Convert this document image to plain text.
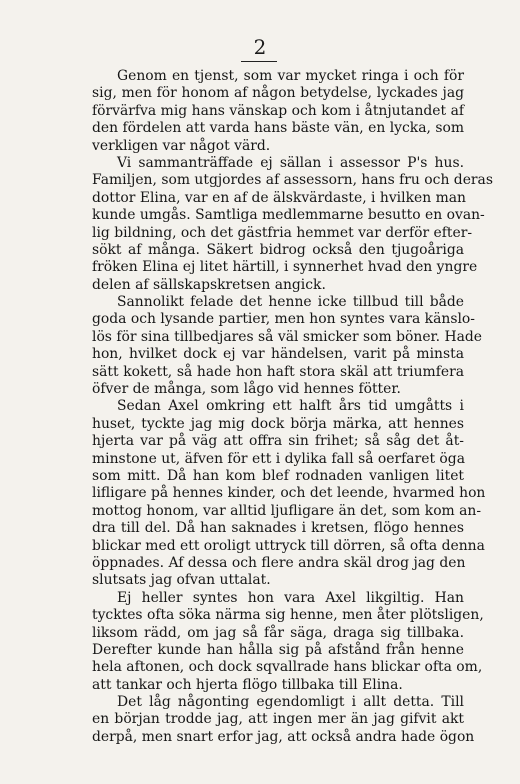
2
Genom en tjenst, som var mycket ringa i och för
sig, men för honom af någon betydelse, lyckades jag
förvärfva mig hans vänskap och kom i åtnjutandet af
den fördelen att varda hans bäste vän, en lycka, som
verkligen var något värd.
Vi sammanträffade ej sällan i assessor P's hus.
Familjen, som utgjordes af assessorn, hans fru och deras
dottor Elina, var en af de älskvärdaste, i hvilken man
kunde umgås. Samtliga medlemmarne besutto en ovan-
lig bildning, och det gästfria hemmet var derför efter-
sökt af många. Säkert bidrog också den tjugoåriga
fröken Elina ej litet härtill, i synnerhet hvad den yngre
delen af sällskapskretsen angick.
Sannolikt felade det henne icke tillbud till både
goda och lysande partier, men hon syntes vara känslo-
lös för sina tillbedjares så väl smicker som böner. Hade
hon, hvilket dock ej var händelsen, varit på minsta
sätt kokett, så hade hon haft stora skäl att triumfera
öfver de många, som lågo vid hennes fötter.
Sedan Axel omkring ett halft års tid umgåtts i
huset, tyckte jag mig dock börja märka, att hennes
hjerta var på väg att offra sin frihet; så såg det åt-
minstone ut, äfven för ett i dylika fall så oerfaret öga
som mitt. Då han kom blef rodnaden vanligen litet
lifligare på hennes kinder, och det leende, hvarmed hon
mottog honom, var alltid ljufligare än det, som kom an-
dra till del. Då han saknades i kretsen, flögo hennes
blickar med ett oroligt uttryck till dörren, så ofta denna
öppnades. Af dessa och flere andra skäl drog jag den
slutsats jag ofvan uttalat.
Ej heller syntes hon vara Axel likgiltig. Han
tycktes ofta söka närma sig henne, men åter plötsligen,
liksom rädd, om jag så får säga, draga sig tillbaka.
Derefter kunde han hålla sig på afstånd från henne
hela aftonen, och dock sqvallrade hans blickar ofta om,
att tankar och hjerta flögo tillbaka till Elina.
Det låg någonting egendomligt i allt detta. Till
en början trodde jag, att ingen mer än jag gifvit akt
derpå, men snart erfor jag, att också andra hade ögon
